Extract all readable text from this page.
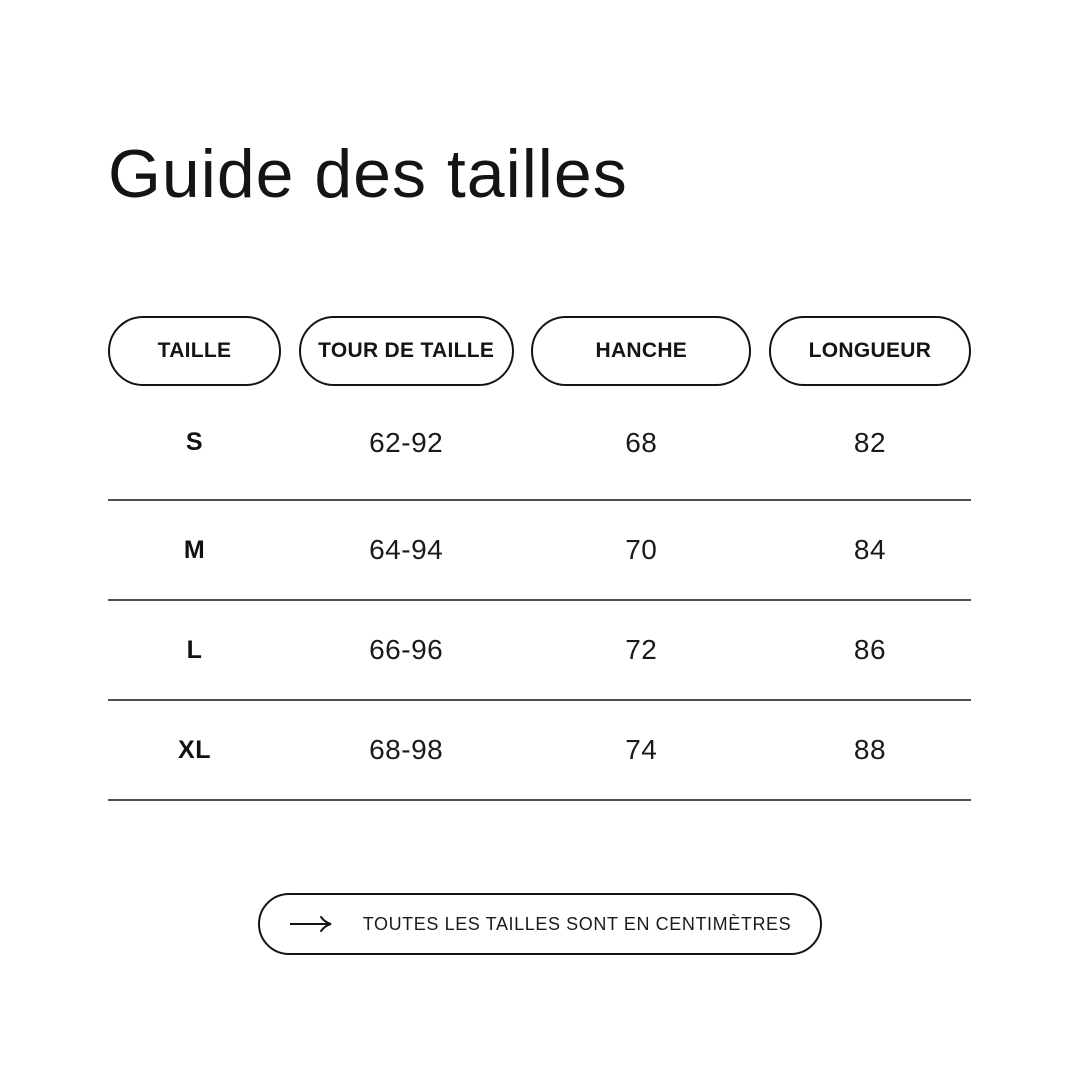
Guide des tailles
TAILLE	TOUR DE TAILLE	HANCHE	LONGUEUR
S	62-92	68	82
M	64-94	70	84
L	66-96	72	86
XL	68-98	74	88
TOUTES LES TAILLES SONT EN CENTIMÈTRES
